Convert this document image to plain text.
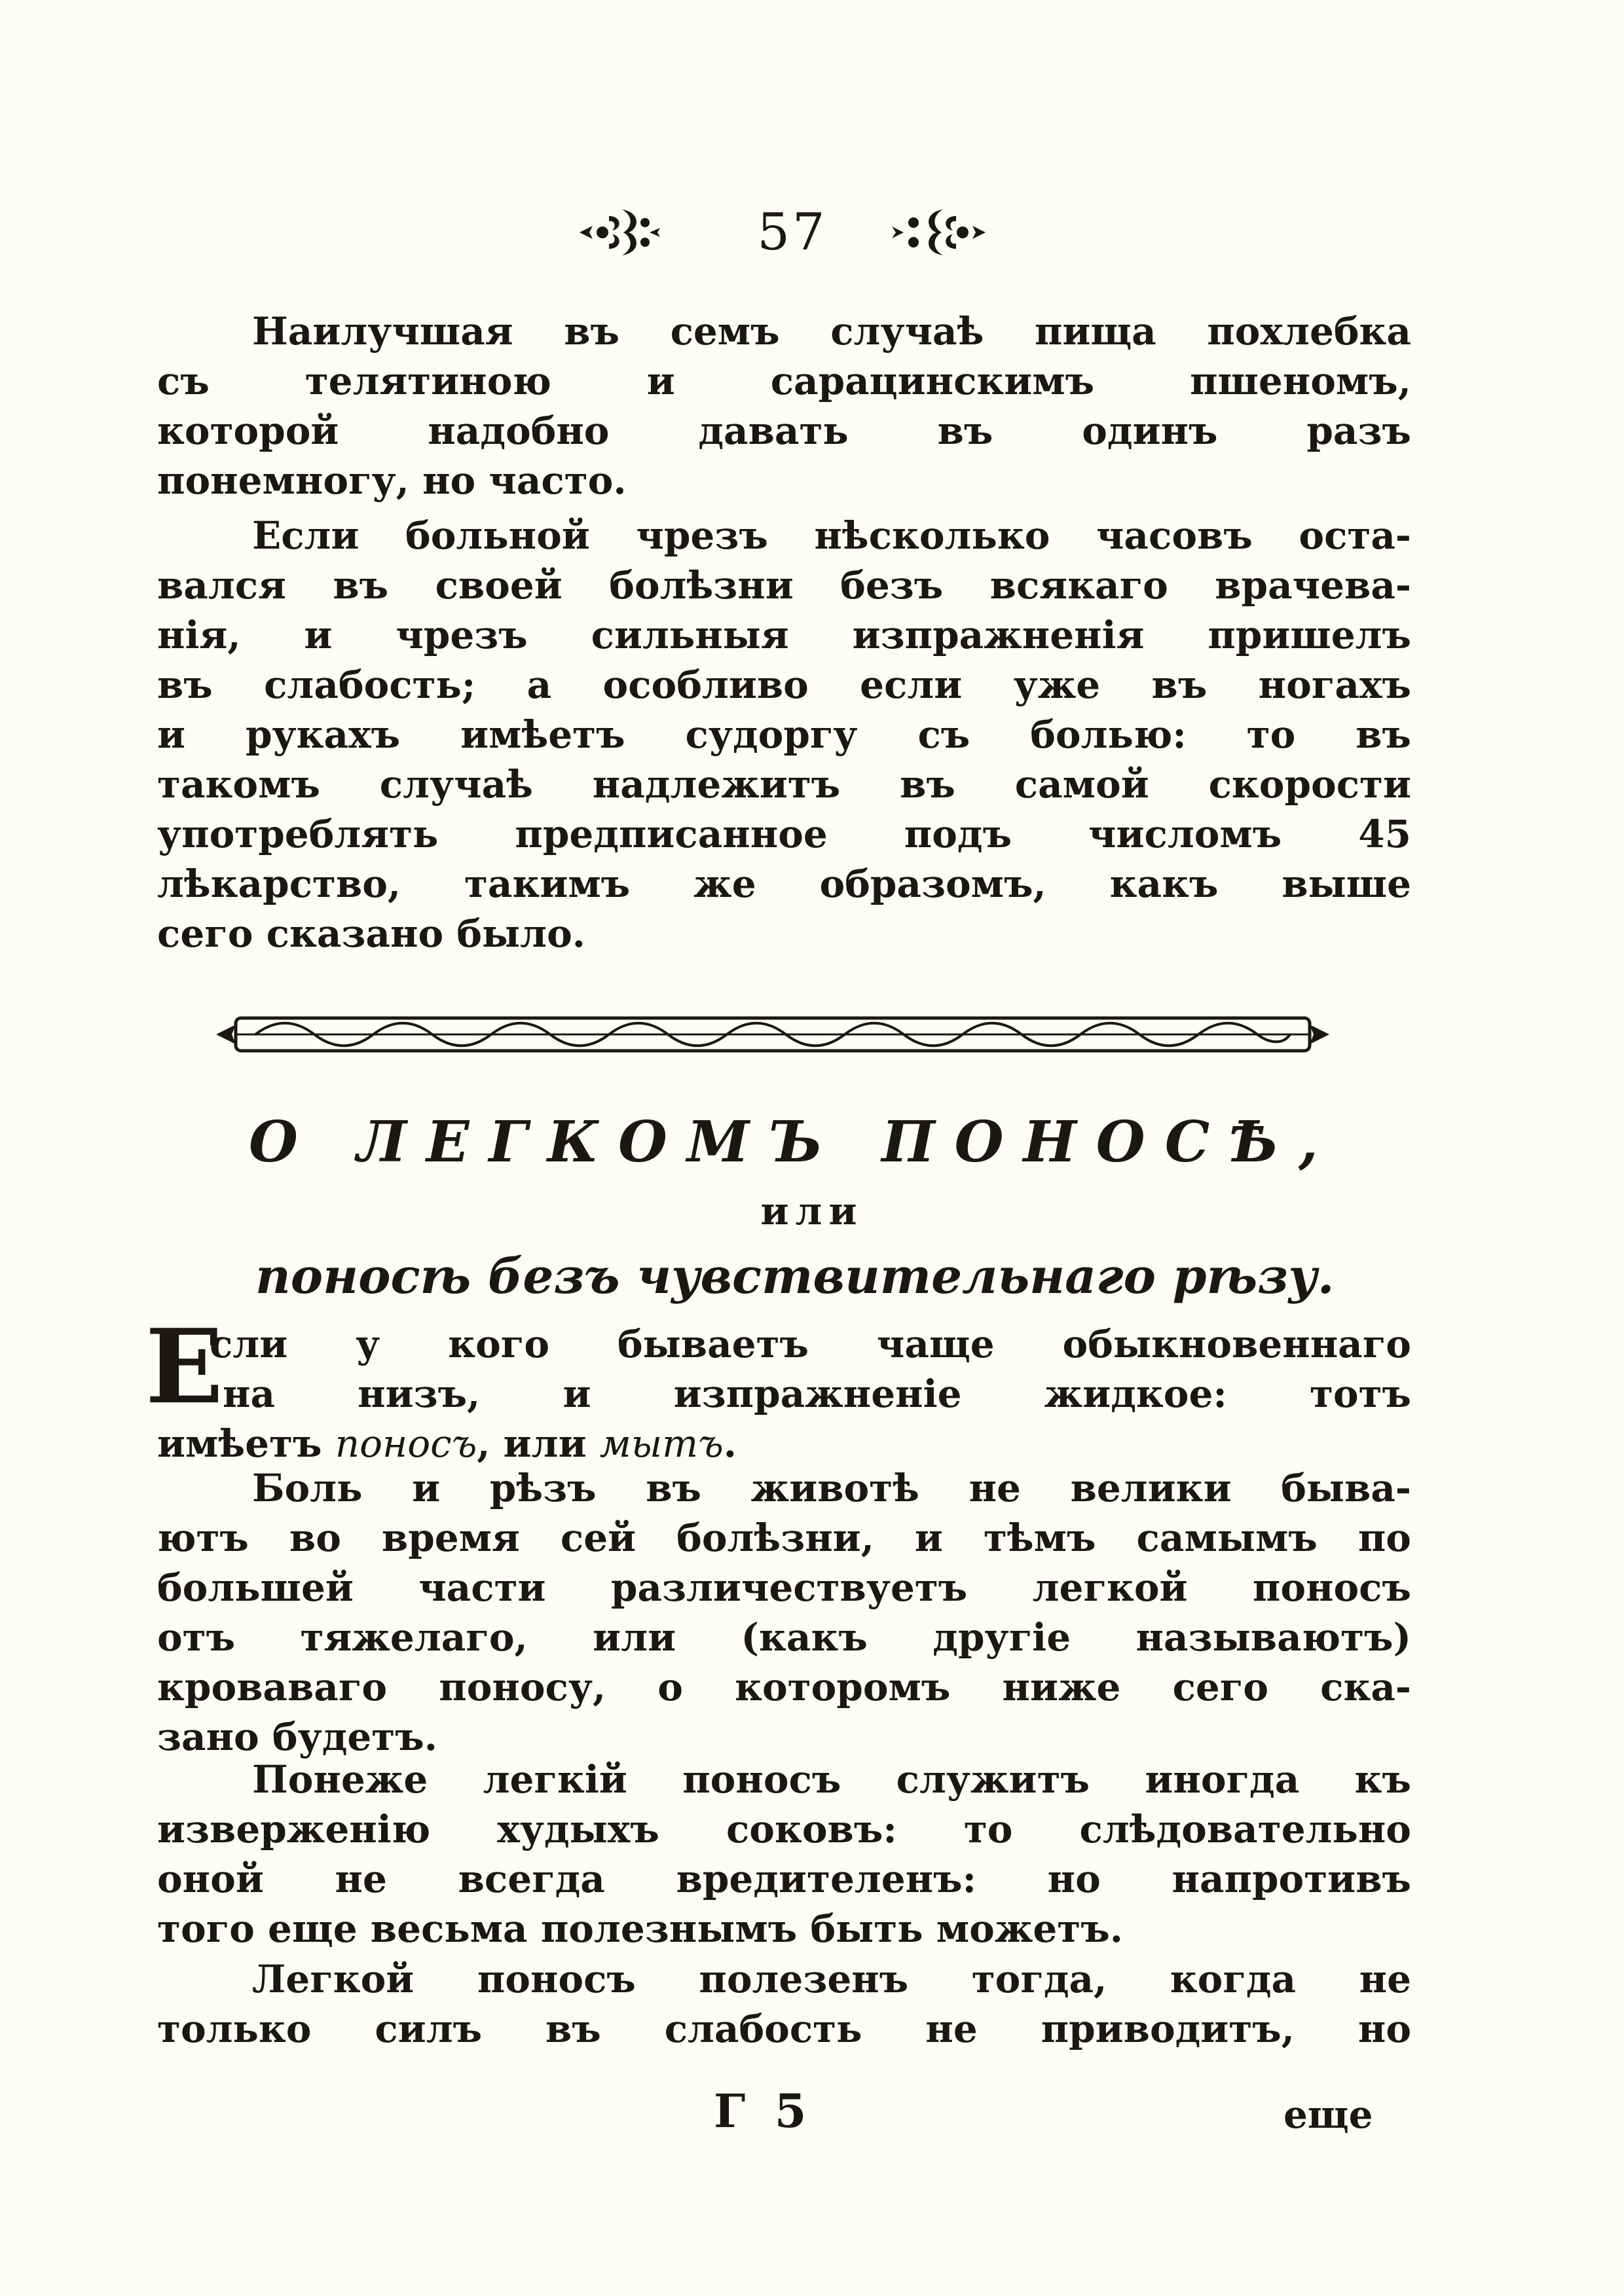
57
Наилучшая въ семъ случаѣ пища похлебка
съ телятиною и сарацинскимъ пшеномъ,
которой надобно давать въ одинъ разъ
понемногу, но часто.
Если больной чрезъ нѣсколько часовъ оста-
вался въ своей болѣзни безъ всякаго врачева-
нія, и чрезъ сильныя изпражненія пришелъ
въ слабость; а особливо если уже въ ногахъ
и рукахъ имѣетъ судоргу съ болью: то въ
такомъ случаѣ надлежитъ въ самой скорости
употреблять предписанное подъ числомъ 45
лѣкарство, такимъ же образомъ, какъ выше
сего сказано было.
О ЛЕГКОМЪ ПОНОСѢ,
или
поносѣ безъ чувствительнаго рѣзу.
Е
сли у кого бываетъ чаще обыкновеннаго
на низъ, и изпражненіе жидкое: тотъ
имѣетъ поносъ, или мытъ.
Боль и рѣзъ въ животѣ не велики быва-
ютъ во время сей болѣзни, и тѣмъ самымъ по
большей части различествуетъ легкой поносъ
отъ тяжелаго, или (какъ другіе называютъ)
кроваваго поносу, о которомъ ниже сего ска-
зано будетъ.
Понеже легкій поносъ служитъ иногда къ
изверженію худыхъ соковъ: то слѣдовательно
оной не всегда вредителенъ: но напротивъ
того еще весьма полезнымъ быть можетъ.
Легкой поносъ полезенъ тогда, когда не
только силъ въ слабость не приводитъ, но
Г 5	еще
